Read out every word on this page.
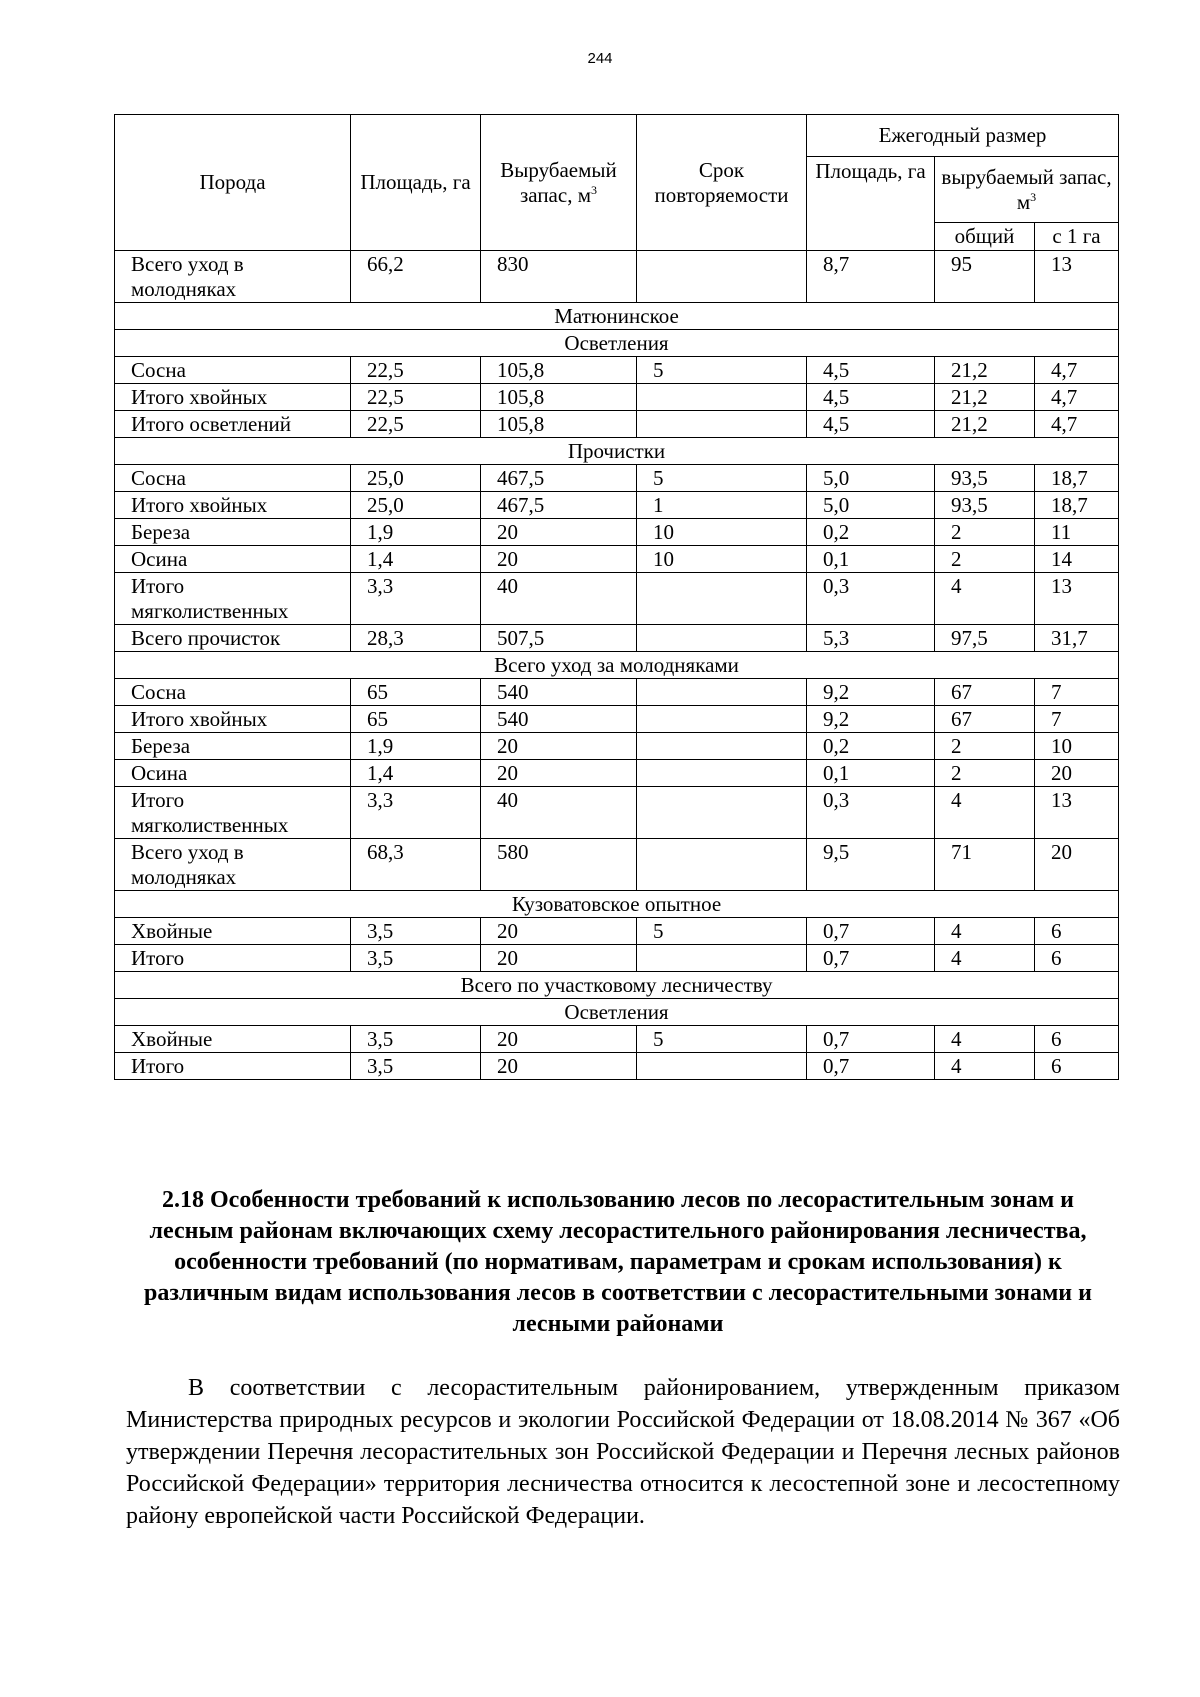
244
Порода	Площадь, га	Вырубаемый запас, $м^3$	Срок повторяемости	Ежегодный размер		
				Площадь, га	вырубаемый запас, $м^3$
					общий	с 1 га
Всего уход в молодняках	66,2	830		8,7	95	13
Матюнинское						
Осветления						
Сосна	22,5	105,8	5	4,5	21,2	4,7
Итого хвойных	22,5	105,8		4,5	21,2	4,7
Итого осветлений	22,5	105,8		4,5	21,2	4,7
Прочистки						
Сосна	25,0	467,5	5	5,0	93,5	18,7
Итого хвойных	25,0	467,5	1	5,0	93,5	18,7
Береза	1,9	20	10	0,2	2	11
Осина	1,4	20	10	0,1	2	14
Итого мягколиственных	3,3	40		0,3	4	13
Всего прочисток	28,3	507,5		5,3	97,5	31,7
Всего уход за молодняками						
Сосна	65	540		9,2	67	7
Итого хвойных	65	540		9,2	67	7
Береза	1,9	20		0,2	2	10
Осина	1,4	20		0,1	2	20
Итого мягколиственных	3,3	40		0,3	4	13
Всего уход в молодняках	68,3	580		9,5	71	20
Кузоватовское опытное						
Хвойные	3,5	20	5	0,7	4	6
Итого	3,5	20		0,7	4	6
Всего по участковому лесничеству						
Осветления						
Хвойные	3,5	20	5	0,7	4	6
Итого	3,5	20		0,7	4	6
2.18 Особенности требований к использованию лесов по лесорастительным зонам и лесным районам включающих схему лесорастительного районирования лесничества, особенности требований (по нормативам, параметрам и срокам использования) к различным видам использования лесов в соответствии с лесорастительными зонами и лесными районами

В соответствии с лесорастительным районированием, утвержденным приказом Министерства природных ресурсов и экологии Российской Федерации от 18.08.2014 № 367 «Об утверждении Перечня лесорастительных зон Российской Федерации и Перечня лесных районов Российской Федерации» территория лесничества относится к лесостепной зоне и лесостепному району европейской части Российской Федерации.
